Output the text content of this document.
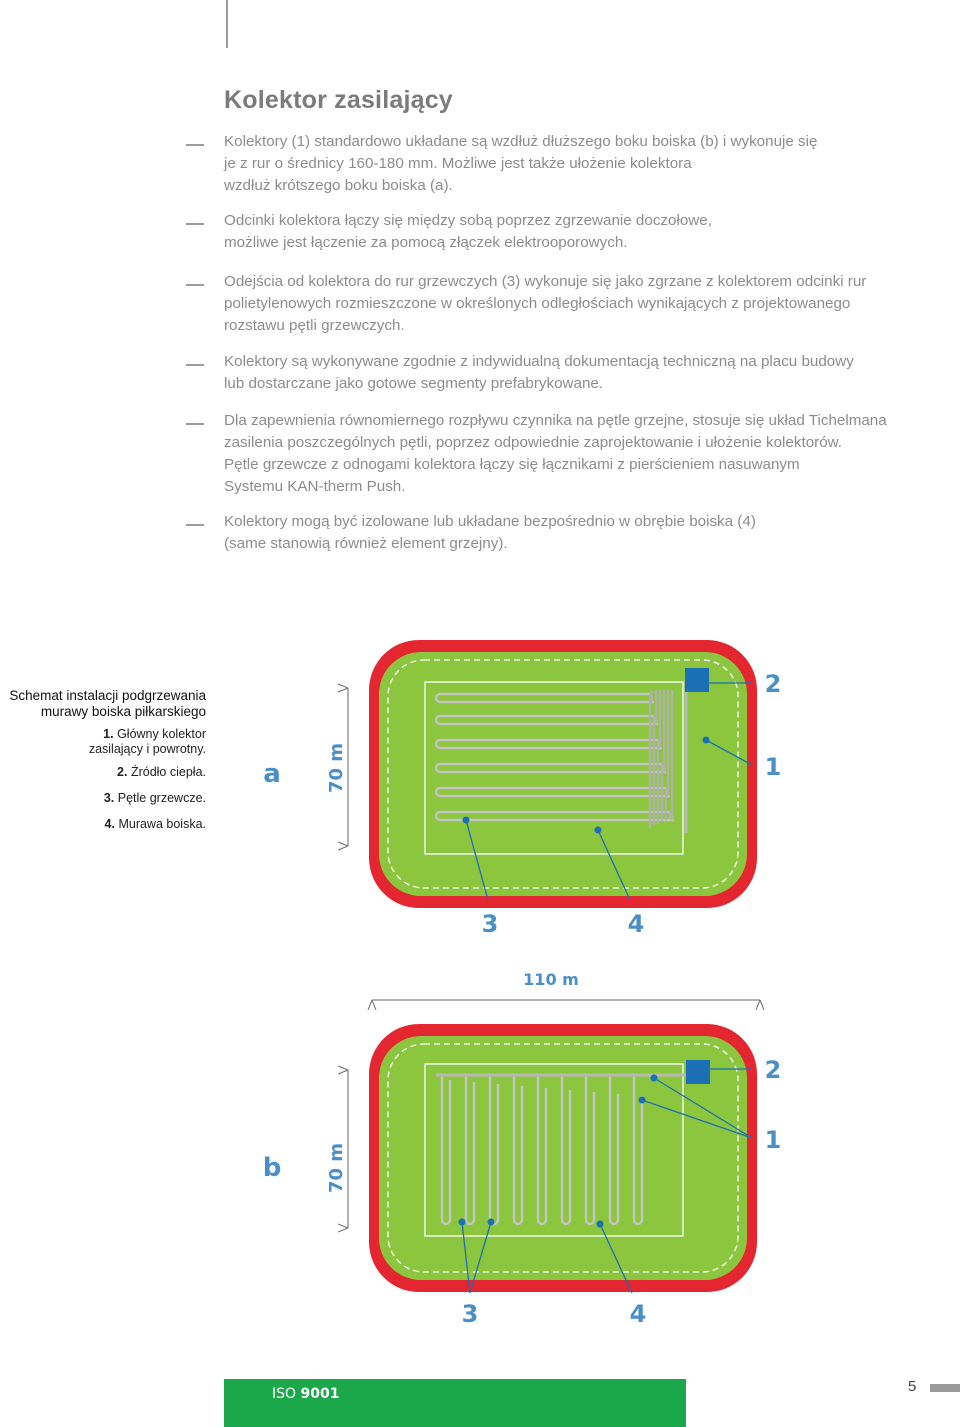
Kolektor zasilający
Kolektory (1) standardowo układane są wzdłuż dłuższego boku boiska (b) i wykonuje się
je z rur o średnicy 160-180 mm. Możliwe jest także ułożenie kolektora
wzdłuż krótszego boku boiska (a).
Odcinki kolektora łączy się między sobą poprzez zgrzewanie doczołowe,
możliwe jest łączenie za pomocą złączek elektrooporowych.
Odejścia od kolektora do rur grzewczych (3) wykonuje się jako zgrzane z kolektorem odcinki rur
polietylenowych rozmieszczone w określonych odległościach wynikających z projektowanego
rozstawu pętli grzewczych.
Kolektory są wykonywane zgodnie z indywidualną dokumentacją techniczną na placu budowy
lub dostarczane jako gotowe segmenty prefabrykowane.
Dla zapewnienia równomiernego rozpływu czynnika na pętle grzejne, stosuje się układ Tichelmana
zasilenia poszczególnych pętli, poprzez odpowiednie zaprojektowanie i ułożenie kolektorów.
Pętle grzewcze z odnogami kolektora łączy się łącznikami z pierścieniem nasuwanym
Systemu KAN-therm Push.
Kolektory mogą być izolowane lub układane bezpośrednio w obrębie boiska (4)
(same stanowią również element grzejny).
Schemat instalacji podgrzewania
murawy boiska piłkarskiego
1. Główny kolektor
zasilający i powrotny.
2. Źródło ciepła.
3. Pętle grzewcze.
4. Murawa boiska.
70 m
a
2
1
3	4
110 m
70 m
b
2
1
3	4
ISO 9001	5
